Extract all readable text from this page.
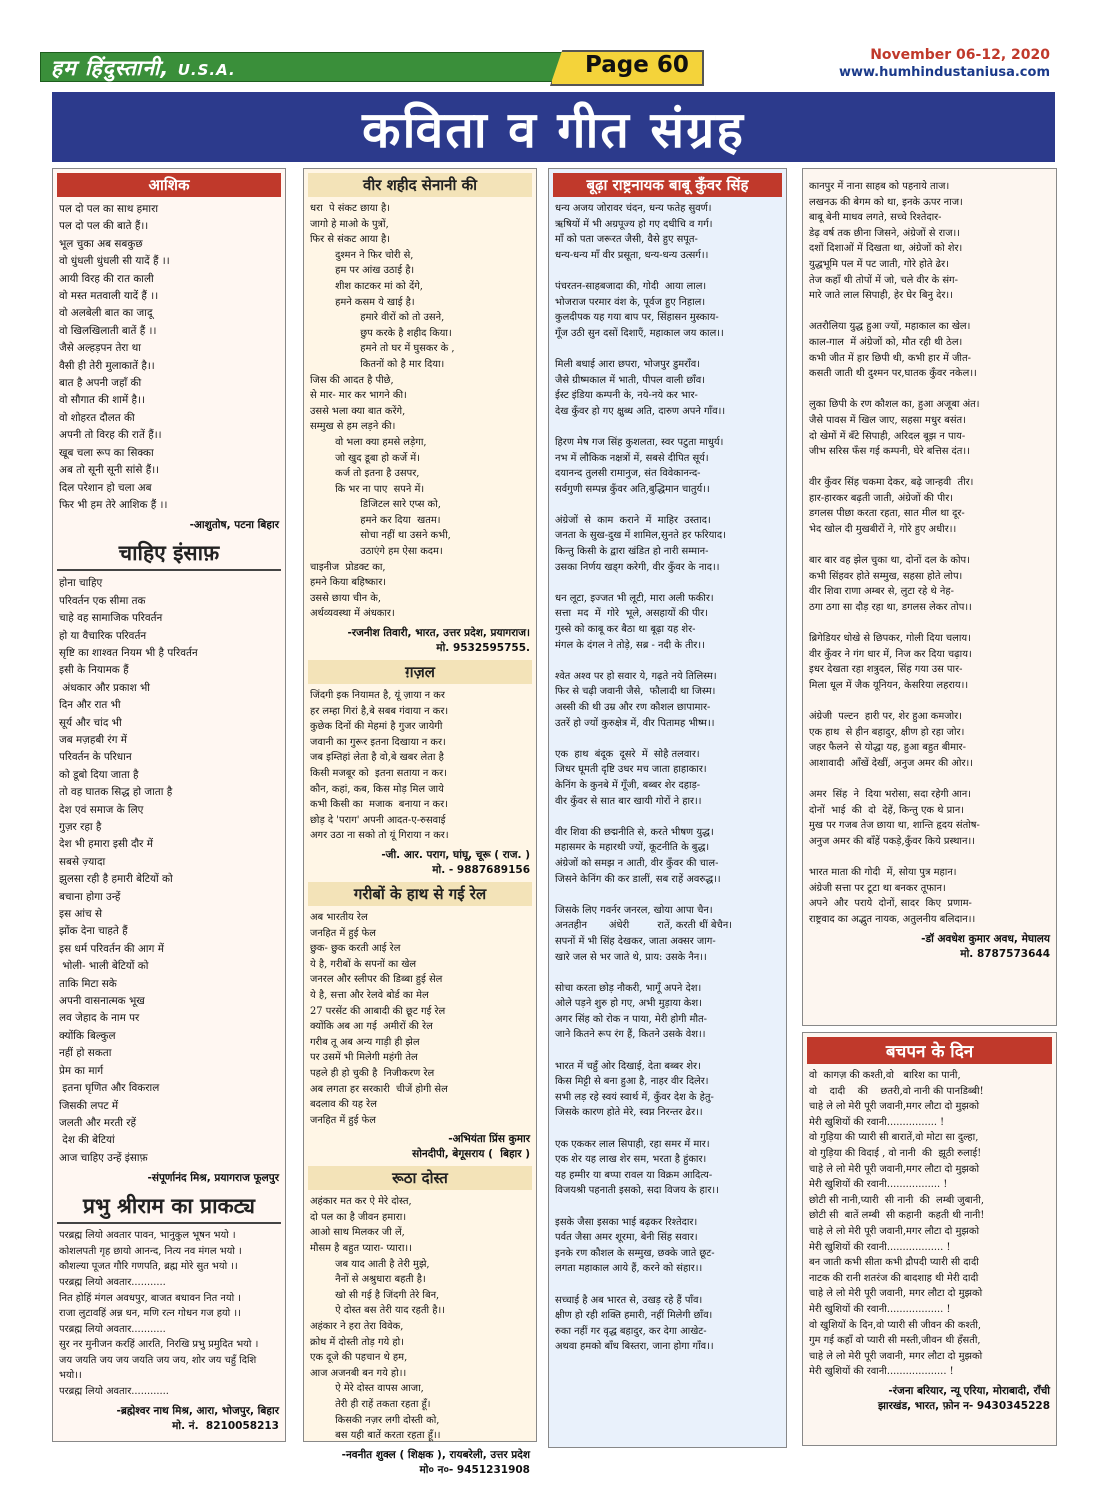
हम हिंदुस्तानी, U.S.A.	Page 60	November 06-12, 2020
www.humhindustaniusa.com
कविता व गीत संग्रह
आशिक
पल दो पल का साथ हमारा
पल दो पल की बाते हैं।।
भूल चुका अब सबकुछ
वो धुंधली धुंधली सी यादें हैं ।।
आयी विरह की रात काली
वो मस्त मतवाली यादें हैं ।।
वो अलबेली बात का जादू
वो खिलखिलाती बातें हैं ।।
जैसे अल्हड़पन तेरा था
वैसी ही तेरी मुलाकातें है।।
बात है अपनी जहाँ की
वो सौगात की शामें है।।
वो शोहरत दौलत की
अपनी तो विरह की रातें हैं।।
खूब चला रूप का सिक्का
अब तो सूनी सूनी सांसे हैं।।
दिल परेशान हो चला अब
फिर भी हम तेरे आशिक हैं ।।
-आशुतोष, पटना बिहार
चाहिए इंसाफ़
होना चाहिए
परिवर्तन एक सीमा तक
चाहे वह सामाजिक परिवर्तन
हो या वैचारिक परिवर्तन
सृष्टि का शाश्वत नियम भी है परिवर्तन
इसी के नियामक हैं
अंधकार और प्रकाश भी
दिन और रात भी
सूर्य और चांद भी
जब मज़हबी रंग में
परिवर्तन के परिधान
को डूबो दिया जाता है
तो वह घातक सिद्ध हो जाता है
देश एवं समाज के लिए
गुज़र रहा है
देश भी हमारा इसी दौर में
सबसे ज़्यादा
झुलसा रही है हमारी बेटियों को
बचाना होगा उन्हें
इस आंच से
झोंक देना चाहते हैं
इस धर्म परिवर्तन की आग में
भोली- भाली बेटियों को
ताकि मिटा सके
अपनी वासनात्मक भूख
लव जेहाद के नाम पर
क्योंकि बिल्कुल
नहीं हो सकता
प्रेम का मार्ग
इतना घृणित और विकराल
जिसकी लपट में
जलती और मरती रहें
देश की बेटियां
आज चाहिए उन्हें इंसाफ़
-संपूर्णानंद मिश्र, प्रयागराज फूलपुर
प्रभु श्रीराम का प्राकट्य
परब्रह्म लियो अवतार पावन, भानुकुल भूषन भयो ।
कोशलपती गृह छायो आनन्द, नित्य नव मंगल भयो ।
कौशल्या पूजत गौरि गणपति, ब्रह्म मोरे सुत भयो ।।
परब्रह्म लियो अवतार...........
नित होहिं मंगल अवधपुर, बाजत बधावन नित नयो ।
राजा लुटावहिं अन्न धन, मणि रत्न गोधन गज हयो ।।
परब्रह्म लियो अवतार...........
सुर नर मुनीजन करहिं आरति, निरखि प्रभु प्रमुदित भयो ।
जय जयति जय जय जयति जय जय, शोर जय चहुँ दिशि
भयो।।
परब्रह्म लियो अवतार............
-ब्रह्मेश्वर नाथ मिश्र, आरा, भोजपुर, बिहार
मो. नं.  8210058213
वीर शहीद सेनानी की
धरा  पे संकट छाया है।
जागो हे माओ के पुत्रों,
फिर से संकट आया है।
दुश्मन ने फिर चोरी से,
हम पर आंख उठाई है।
शीश काटकर मां को देंगे,
हमने कसम ये खाई है।
हमारे वीरों को तो उसने,
छुप करके है शहीद किया।
हमने तो घर में घुसकर के ,
कितनों को है मार दिया।
जिस की आदत है पीछे,
से मार- मार कर भागने की।
उससे भला क्या बात करेंगे,
सम्मुख से हम लड़ने की।
वो भला क्या हमसे लड़ेगा,
जो खुद डूबा हो कर्जे में।
कर्ज तो इतना है उसपर,
कि भर ना पाए  सपने में।
डिजिटल सारे एप्स को,
हमने कर दिया  खतम।
सोचा नहीं था उसने कभी,
उठाएंगे हम ऐसा कदम।
चाइनीज  प्रोडक्ट का,
हमने किया बहिष्कार।
उससे छाया चीन के,
अर्थव्यवस्था में अंधकार।
-रजनीश तिवारी, भारत, उत्तर प्रदेश, प्रयागराज।
मो. 9532595755.
ग़ज़ल
जिंदगी इक नियामत है, यूं ज़ाया न कर
हर लम्हा गिरां है,बे सबब गंवाया न कर।
कुछेक दिनों की मेहमां है गुजर जायेगी
जवानी का गुरूर इतना दिखाया न कर।
जब इम्तिहां लेता है वो,बे खबर लेता है
किसी मजबूर को  इतना सताया न कर।
कौन, कहां, कब, किस मोड़ मिल जाये
कभी किसी का  मजाक  बनाया न कर।
छोड़ दे 'पराग' अपनी आदत-ए-रुसवाई
अगर उठा ना सको तो यूं गिराया न कर।
-जी. आर. पराग, घांघू, चूरू ( राज. )
मो. - 9887689156
गरीबों के हाथ से गई रेल
अब भारतीय रेल
जनहित में हुई फेल
छुक- छुक करती आई रेल
ये है, गरीबों के सपनों का खेल
जनरल और स्लीपर की डिब्बा हुई सेल
ये है, सत्ता और रेलवे बोर्ड का मेल
27 परसेंट की आबादी की छूट गई रेल
क्योंकि अब आ गई  अमीरों की रेल
गरीब तू अब अन्य गाड़ी ही झेल
पर उसमें भी मिलेगी महंगी तेल
पहले ही हो चुकी है  निजीकरण रेल
अब लगता हर सरकारी  चीजें होगी सेल
बदलाव की यह रेल
जनहित में हुई फेल
-अभियंता प्रिंस कुमार
सोनदीपी, बेगूसराय (  बिहार )
रूठा दोस्त
अहंकार मत कर ऐ मेरे दोस्त,
दो पल का है जीवन हमारा।
आओ साथ मिलकर जी लें,
मौसम है बहुत प्यारा- प्यारा।।
जब याद आती है तेरी मुझे,
नैनों से अश्रुधारा बहती है।
खो सी गई है जिंदगी तेरे बिन,
ऐ दोस्त बस तेरी याद रहती है।।
अहंकार ने हरा तेरा विवेक,
क्रोध में दोस्ती तोड़ गये हो।
एक दूजे की पहचान थे हम,
आज अजनबी बन गये हो।।
ऐ मेरे दोस्त वापस आजा,
तेरी ही राहें तकता रहता हूँ।
किसकी नज़र लगी दोस्ती को,
बस यही बातें करता रहता हूँ।।
-नवनीत शुक्ल ( शिक्षक ), रायबरेली, उत्तर प्रदेश
मो० न०- 9451231908
बूढ़ा राष्ट्रनायक बाबू कुँवर सिंह
धन्य अजय जोरावर चंदन, धन्य फतेह सुवर्ण।
ऋषियों में भी अग्रपूज्य हो गए दधीचि व गर्ग।
माँ को पता जरूरत जैसी, वैसे हुए सपूत-
धन्य-धन्य माँ वीर प्रसूता, धन्य-धन्य उत्सर्ग।।

पंचरतन-साहबजादा की, गोदी  आया लाल।
भोजराज परमार वंश के, पूर्वज हुए निहाल।
कुलदीपक यह गया बाप पर, सिंहासन मुस्काय-
गूँज उठी सुन दसों दिशाएँ, महाकाल जय काल।।

मिली बधाई आरा छपरा, भोजपुर डुमराँव।
जैसे ग्रीष्मकाल में भाती, पीपल वाली छाँव।
ईस्ट इंडिया कम्पनी के, नये-नये कर भार-
देख कुँवर हो गए क्षुब्ध अति, दारुण अपने गाँव।।

हिरण मेष गज सिंह कुशलता, स्वर पटुता माधुर्य।
नभ में लौकिक नक्षत्रों में, सबसे दीपित सूर्य।
दयानन्द तुलसी रामानुज, संत विवेकानन्द-
सर्वगुणी सम्पन्न कुँवर अति,बुद्धिमान चातुर्य।।

अंग्रेजों  से  काम  कराने  में  माहिर  उस्ताद।
जनता के सुख-दुख में शामिल,सुनते हर फरियाद।
किन्तु किसी के द्वारा खंडित हो नारी सम्मान-
उसका निर्णय खड्ग करेगी, वीर कुँवर के नाद।।

धन लूटा, इज्जत भी लूटी, मारा अली फकीर।
सत्ता  मद  में  गोरे  भूले, असहायों की पीर।
गुस्से को काबू कर बैठा था बूढ़ा यह शेर-
मंगल के दंगल ने तोड़े, सब्र - नदी के तीर।।

श्वेत अश्व पर हो सवार ये, गढ़ते नये तिलिस्म।
फिर से चढ़ी जवानी जैसे,  फौलादी था जिस्म।
अस्सी की थी उम्र और रण कौशल छापामार-
उतरें हो ज्यों कुरुक्षेत्र में, वीर पितामह भीष्म।।

एक  हाथ  बंदूक  दूसरे  में  सोहै तलवार।
जिधर घूमती दृष्टि उधर मच जाता हाहाकार।
केनिंग के कुनबे में गूँजी, बब्बर शेर दहाड़-
वीर कुँवर से सात बार खायी गोरों ने हार।।

वीर शिवा की छद्मनीति से, करते भीषण युद्ध।
महासमर के महारथी ज्यों, कूटनीति के बुद्ध।
अंग्रेजों को समझ न आती, वीर कुँवर की चाल-
जिसने केनिंग की कर डालीं, सब राहें अवरुद्ध।।

जिसके लिए गवर्नर जनरल, खोया आपा चैन।
अनतहीन       अंधेरी         रातें, करती थीं बेचैन।
सपनों में भी सिंह देखकर, जाता अक्सर जाग-
खारे जल से भर जाते थे, प्राय: उसके नैन।।

सोचा करता छोड़ नौकरी, भागूँ अपने देश।
ओले पड़ने शुरु हो गए, अभी मुड़ाया केश।
अगर सिंह को रोक न पाया, मेरी होगी मौत-
जाने कितने रूप रंग हैं, कितने उसके वेश।।

भारत में चहुँ ओर दिखाई, देता बब्बर शेर।
किस मिट्टी से बना हुआ है, नाहर वीर दिलेर।
सभी लड़ रहे स्वयं स्वार्थ में, कुँवर देश के हेतु-
जिसके कारण होते मेरे, स्वप्न निरन्तर ढेर।।

एक एककर लाल सिपाही, रहा समर में मार।
एक शेर यह लाख शेर सम, भरता है हुंकार।
यह हम्मीर या बप्पा रावल या विक्रम आदित्य-
विजयश्री पहनाती इसको, सदा विजय के हार।।

इसके जैसा इसका भाई बढ़कर रिश्तेदार।
पर्वत जैसा अमर शूरमा, बेनी सिंह सवार।
इनके रण कौशल के सम्मुख, छक्के जाते छूट-
लगता महाकाल आये हैं, करने को संहार।।

सच्चाई है अब भारत से, उखड़ रहे हैं पाँव।
क्षीण हो रही शक्ति हमारी, नहीं मिलेगी छाँव।
रुका नहीं गर वृद्ध बहादुर, कर देगा आखेट-
अथवा हमको बाँध बिस्तरा, जाना होगा गाँव।।
कानपुर में नाना साहब को पहनाये ताज।
लखनऊ की बेगम को था, इनके ऊपर नाज।
बाबू बेनी माधव लगते, सच्चे रिश्तेदार-
डेढ़ वर्ष तक छीना जिसने, अंग्रेजों से राज।।
दशों दिशाओं में दिखता था, अंग्रेजों को शेर।
युद्धभूमि पल में पट जाती, गोरे होते ढेर।
तेज कहाँ थी तोपों में जो, चले वीर के संग-
मारे जाते लाल सिपाही, हेर घेर बिनु देर।।

अतरौलिया युद्ध हुआ ज्यों, महाकाल का खेल।
काल-गाल  में अंग्रेजों को, मौत रही थी ठेल।
कभी जीत में हार छिपी थी, कभी हार में जीत-
कसती जाती थी दुश्मन पर,घातक कुँवर नकेल।।

लुका छिपी के रण कौशल का, हुआ अजूबा अंत।
जैसे पावस में खिल जाए, सहसा मधुर बसंत।
दो खेमों में बँटे सिपाही, अरिदल बूझ न पाय-
जीभ सरिस फँस गई कम्पनी, घेरे बत्तिस दंत।।

वीर कुँवर सिंह चकमा देकर, बढ़े जान्हवी  तीर।
हार-हारकर बढ़ती जाती, अंग्रेजों की पीर।
डगलस पीछा करता रहता, सात मील था दूर-
भेद खोल दी मुखबीरों ने, गोरे हुए अधीर।।

बार बार वह झेल चुका था, दोनों दल के कोप।
कभी सिंहवर होते सम्मुख, सहसा होते लोप।
वीर शिवा राणा अम्बर से, लुटा रहे थे नेह-
ठगा ठगा सा दौड़ रहा था, डगलस लेकर तोप।।

ब्रिगेडियर धोखे से छिपकर, गोली दिया चलाय।
वीर कुँवर ने गंग धार में, निज कर दिया चढ़ाय।
इधर देखता रहा शत्रुदल, सिंह गया उस पार-
मिला धूल में जैक यूनियन, केसरिया लहराय।।

अंग्रेजी  पल्टन  हारी पर, शेर हुआ कमजोर।
एक हाथ  से हीन बहादुर, क्षीण हो रहा जोर।
जहर फैलने  से योद्धा यह, हुआ बहुत बीमार-
आशावादी  आँखें देखीं, अनुज अमर की ओर।।

अमर  सिंह  ने  दिया भरोसा, सदा रहेगी आन।
दोनों  भाई  की  दो  देहें, किन्तु एक थे प्रान।
मुख पर गजब तेज छाया था, शान्ति हृदय संतोष-
अनुज अमर की बाँहें पकड़े,कुँवर किये प्रस्थान।।

भारत माता की गोदी  में, सोया पुत्र महान।
अंग्रेजी सत्ता पर टूटा था बनकर तूफान।
अपने  और  पराये  दोनों, सादर  किए  प्रणाम-
राष्ट्रवाद का अद्भुत नायक, अतुलनीय बलिदान।।
-डॉ अवधेश कुमार अवध, मेघालय
मो. 8787573644
बचपन के दिन
वो  कागज़ की कश्ती,वो   बारिश का पानी,
वो    दादी    की    छतरी,वो नानी की पानडिब्बी!
चाहे ले लो मेरी पूरी जवानी,मगर लौटा दो मुझको
मेरी खुशियों की रवानी................ !
वो गुड़िया की प्यारी सी बारातें,वो मोटा सा दुल्हा,
वो गुड़िया की विदाई , वो नानी  की  झूठी रुलाई!
चाहे ले लो मेरी पूरी जवानी,मगर लौटा दो मुझको
मेरी खुशियों की रवानी................. !
छोटी सी नानी,प्यारी  सी नानी  की  लम्बी जुबानी,
छोटी सी  बातें लम्बी  सी कहानी  कहती थी नानी!
चाहे ले लो मेरी पूरी जवानी,मगर लौटा दो मुझको
मेरी खुशियों की रवानी.................. !
बन जाती कभी सीता कभी द्रौपदी प्यारी सी दादी
नाटक की रानी शतरंज की बादशाह थी मेरी दादी
चाहे ले लो मेरी पूरी जवानी, मगर लौटा दो मुझको
मेरी खुशियों की रवानी.................. !
वो खुशियों के दिन,वो प्यारी सी जीवन की कश्ती,
गुम गई कहाँ वो प्यारी सी मस्ती,जीवन थी हँसती,
चाहे ले लो मेरी पूरी जवानी, मगर लौटा दो मुझको
मेरी खुशियों की रवानी................... !
-रंजना बरियार, न्यू एरिया, मोराबादी, राँची
झारखंड, भारत, फ़ोन न- 9430345228
